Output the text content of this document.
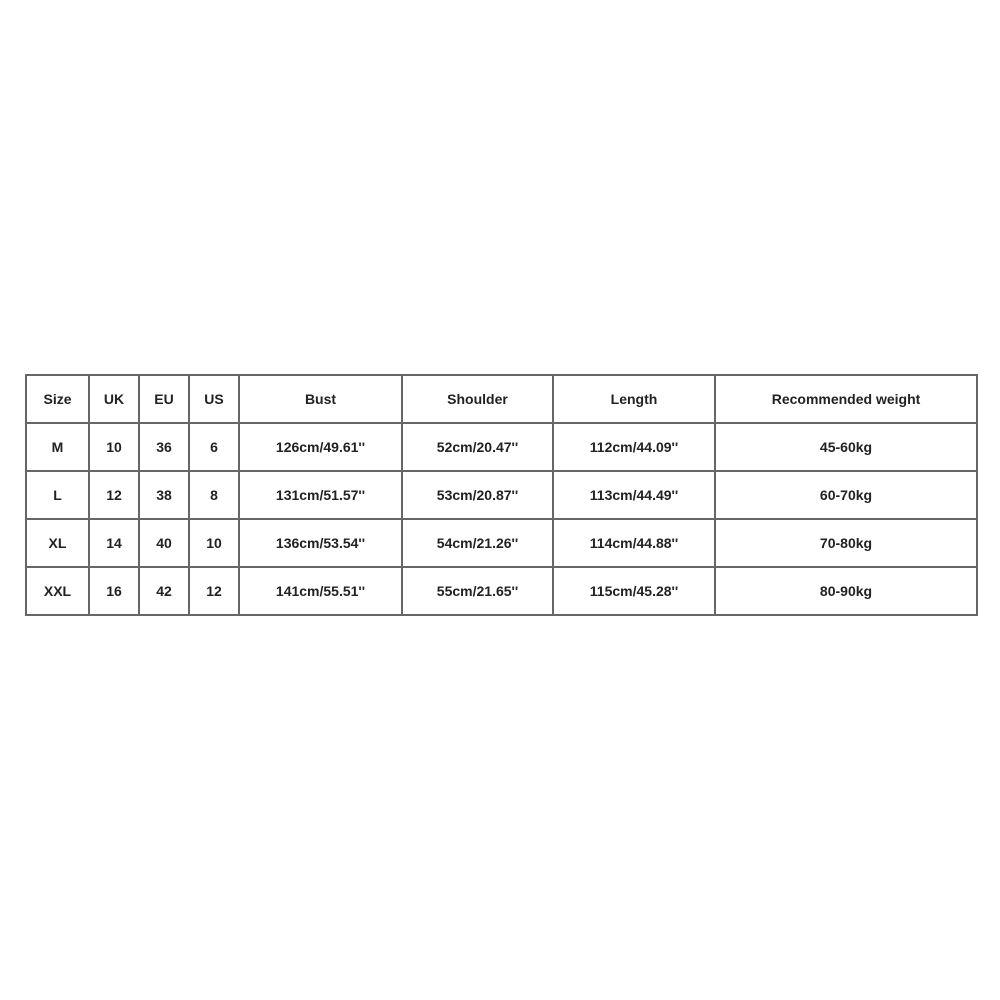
Size	UK	EU	US	Bust	Shoulder	Length	Recommended weight
M	10	36	6	126cm/49.61''	52cm/20.47''	112cm/44.09''	45-60kg
L	12	38	8	131cm/51.57''	53cm/20.87''	113cm/44.49''	60-70kg
XL	14	40	10	136cm/53.54''	54cm/21.26''	114cm/44.88''	70-80kg
XXL	16	42	12	141cm/55.51''	55cm/21.65''	115cm/45.28''	80-90kg
